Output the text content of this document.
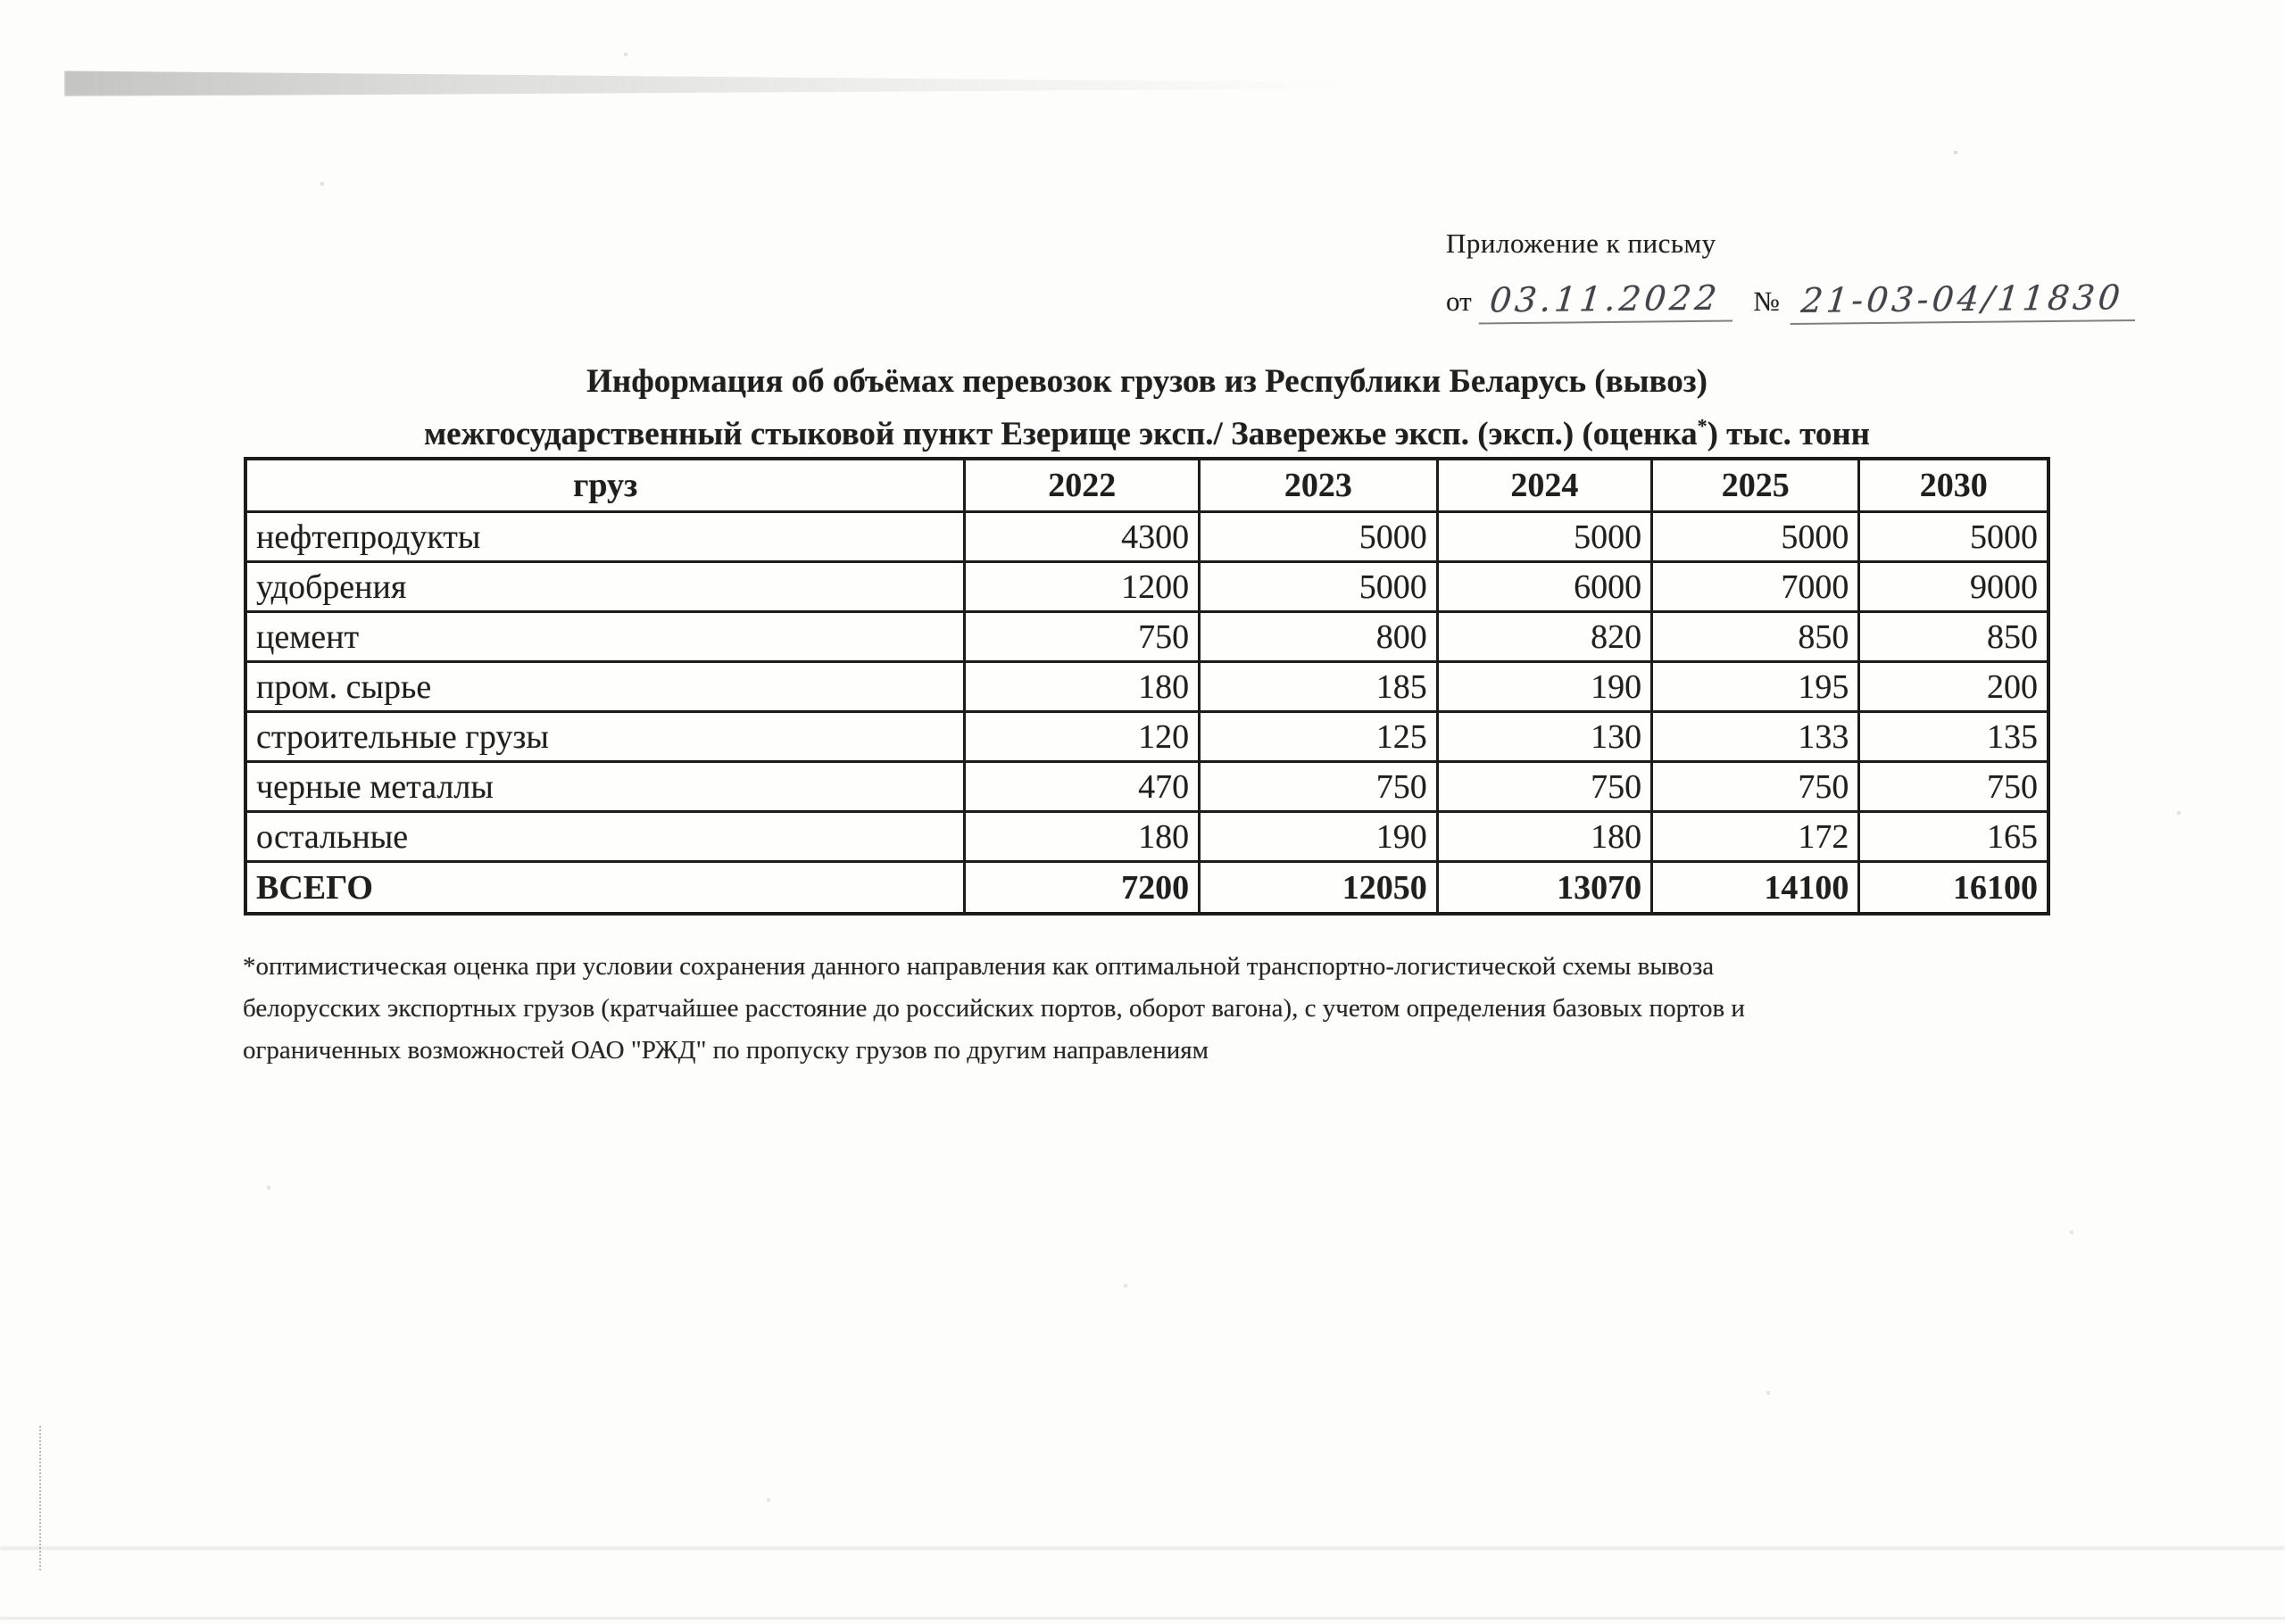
Приложение к письму
от 03.11.2022	№ 21-03-04/11830
Информация об объёмах перевозок грузов из Республики Беларусь (вывоз)
межгосударственный стыковой пункт Езерище эксп./ Завережье эксп. (эксп.) (оценка*) тыс. тонн
груз	2022	2023	2024	2025	2030
нефтепродукты	4300	5000	5000	5000	5000
удобрения	1200	5000	6000	7000	9000
цемент	750	800	820	850	850
пром. сырье	180	185	190	195	200
строительные грузы	120	125	130	133	135
черные металлы	470	750	750	750	750
остальные	180	190	180	172	165
ВСЕГО	7200	12050	13070	14100	16100
*оптимистическая оценка при условии сохранения данного направления как оптимальной транспортно-логистической схемы вывоза
белорусских экспортных грузов (кратчайшее расстояние до российских портов, оборот вагона), с учетом определения базовых портов и
ограниченных возможностей ОАО "РЖД" по пропуску грузов по другим направлениям
